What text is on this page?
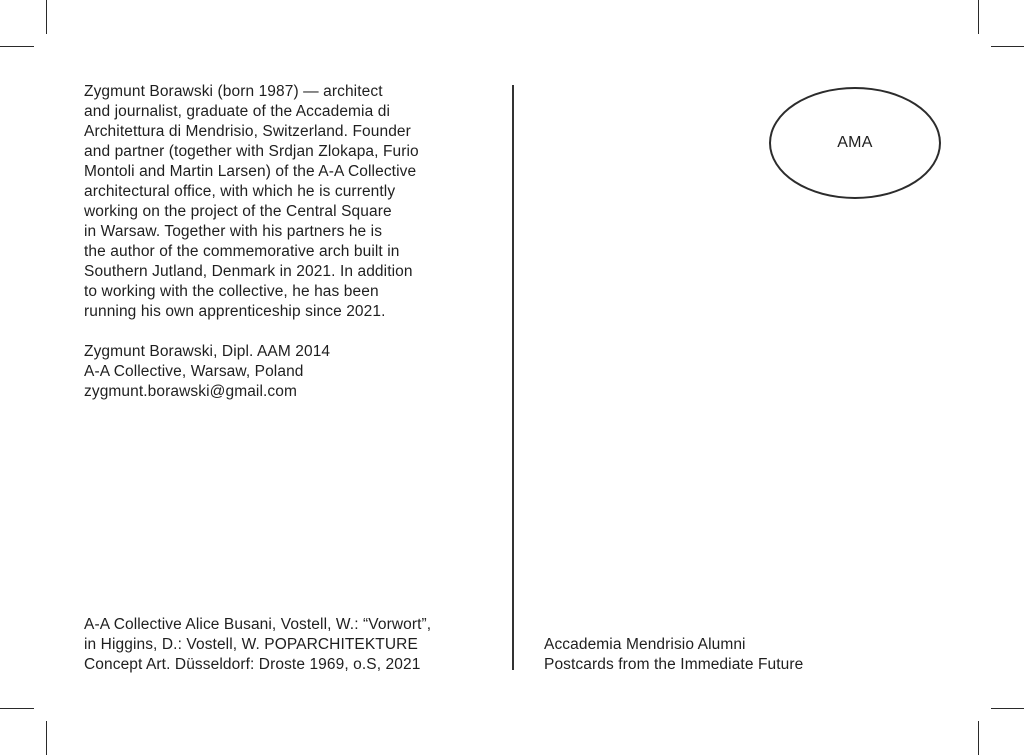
Zygmunt Borawski (born 1987) — architect
and journalist, graduate of the Accademia di
Architettura di Mendrisio, Switzerland. Founder
and partner (together with Srdjan Zlokapa, Furio
Montoli and Martin Larsen) of the A-A Collective
architectural office, with which he is currently
working on the project of the Central Square
in Warsaw. Together with his partners he is
the author of the commemorative arch built in
Southern Jutland, Denmark in 2021. In addition
to working with the collective, he has been
running his own apprenticeship since 2021.

Zygmunt Borawski, Dipl. AAM 2014
A-A Collective, Warsaw, Poland
zygmunt.borawski@gmail.com

A-A Collective Alice Busani, Vostell, W.: “Vorwort”,
in Higgins, D.: Vostell, W. POPARCHITEKTURE
Concept Art. Düsseldorf: Droste 1969, o.S, 2021

AMA

Accademia Mendrisio Alumni
Postcards from the Immediate Future
